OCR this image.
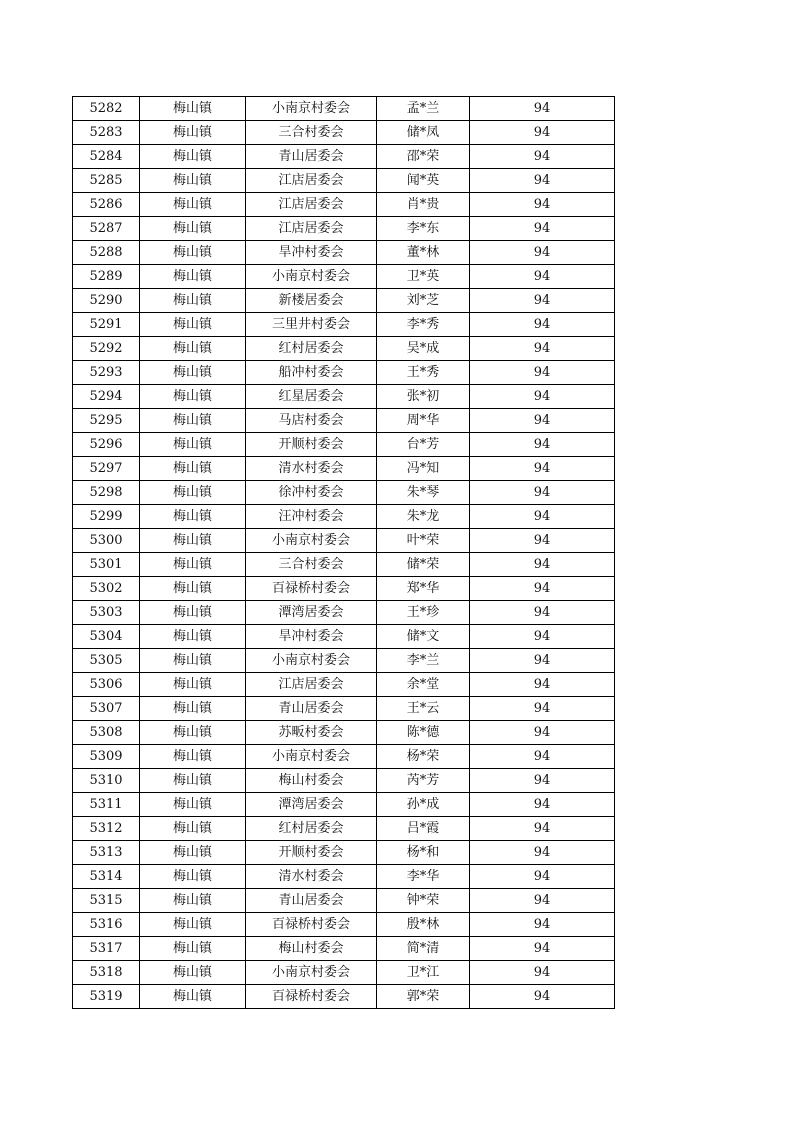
5282	梅山镇	小南京村委会	孟*兰	94
5283	梅山镇	三合村委会	储*凤	94
5284	梅山镇	青山居委会	邵*荣	94
5285	梅山镇	江店居委会	闻*英	94
5286	梅山镇	江店居委会	肖*贵	94
5287	梅山镇	江店居委会	李*东	94
5288	梅山镇	旱冲村委会	董*林	94
5289	梅山镇	小南京村委会	卫*英	94
5290	梅山镇	新楼居委会	刘*芝	94
5291	梅山镇	三里井村委会	李*秀	94
5292	梅山镇	红村居委会	吴*成	94
5293	梅山镇	船冲村委会	王*秀	94
5294	梅山镇	红星居委会	张*初	94
5295	梅山镇	马店村委会	周*华	94
5296	梅山镇	开顺村委会	台*芳	94
5297	梅山镇	清水村委会	冯*知	94
5298	梅山镇	徐冲村委会	朱*琴	94
5299	梅山镇	汪冲村委会	朱*龙	94
5300	梅山镇	小南京村委会	叶*荣	94
5301	梅山镇	三合村委会	储*荣	94
5302	梅山镇	百禄桥村委会	郑*华	94
5303	梅山镇	潭湾居委会	王*珍	94
5304	梅山镇	旱冲村委会	储*文	94
5305	梅山镇	小南京村委会	李*兰	94
5306	梅山镇	江店居委会	余*堂	94
5307	梅山镇	青山居委会	王*云	94
5308	梅山镇	苏畈村委会	陈*德	94
5309	梅山镇	小南京村委会	杨*荣	94
5310	梅山镇	梅山村委会	芮*芳	94
5311	梅山镇	潭湾居委会	孙*成	94
5312	梅山镇	红村居委会	吕*霞	94
5313	梅山镇	开顺村委会	杨*和	94
5314	梅山镇	清水村委会	李*华	94
5315	梅山镇	青山居委会	钟*荣	94
5316	梅山镇	百禄桥村委会	殷*林	94
5317	梅山镇	梅山村委会	简*清	94
5318	梅山镇	小南京村委会	卫*江	94
5319	梅山镇	百禄桥村委会	郭*荣	94
